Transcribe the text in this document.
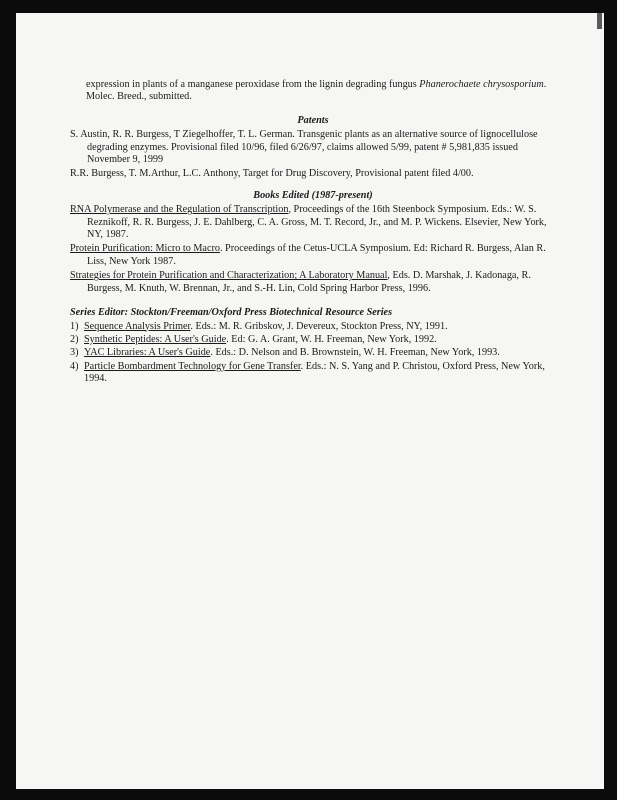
expression in plants of a manganese peroxidase from the lignin degrading fungus Phanerochaete chrysosporium. Molec. Breed., submitted.

Patents

S. Austin, R. R. Burgess, T Ziegelhoffer, T. L. German. Transgenic plants as an alternative source of lignocellulose degrading enzymes. Provisional filed 10/96, filed 6/26/97, claims allowed 5/99, patent # 5,981,835 issued November 9, 1999

R.R. Burgess, T. M.Arthur, L.C. Anthony, Target for Drug Discovery, Provisional patent filed 4/00.

Books Edited (1987-present)

RNA Polymerase and the Regulation of Transcription, Proceedings of the 16th Steenbock Symposium. Eds.: W. S. Reznikoff, R. R. Burgess, J. E. Dahlberg, C. A. Gross, M. T. Record, Jr., and M. P. Wickens. Elsevier, New York, NY, 1987.

Protein Purification: Micro to Macro. Proceedings of the Cetus-UCLA Symposium. Ed: Richard R. Burgess, Alan R. Liss, New York 1987.

Strategies for Protein Purification and Characterization; A Laboratory Manual, Eds. D. Marshak, J. Kadonaga, R. Burgess, M. Knuth, W. Brennan, Jr., and S.-H. Lin, Cold Spring Harbor Press, 1996.

Series Editor: Stockton/Freeman/Oxford Press Biotechnical Resource Series
1) Sequence Analysis Primer. Eds.: M. R. Gribskov, J. Devereux, Stockton Press, NY, 1991.
2) Synthetic Peptides: A User's Guide. Ed: G. A. Grant, W. H. Freeman, New York, 1992.
3) YAC Libraries: A User's Guide. Eds.: D. Nelson and B. Brownstein, W. H. Freeman, New York, 1993.
4) Particle Bombardment Technology for Gene Transfer. Eds.: N. S. Yang and P. Christou, Oxford Press, New York, 1994.
